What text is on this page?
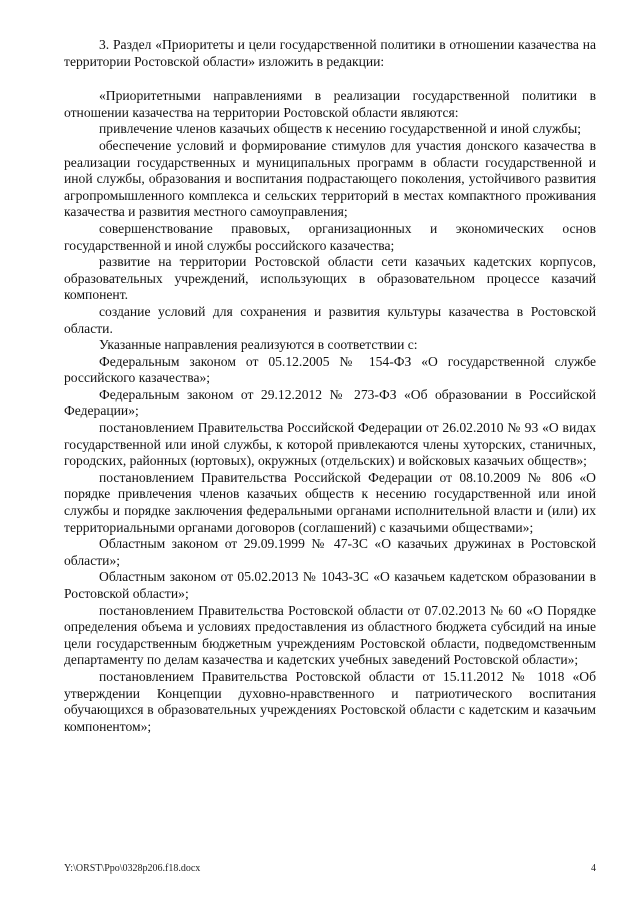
3. Раздел «Приоритеты и цели государственной политики в отношении казачества на территории Ростовской области» изложить в редакции:

«Приоритетными направлениями в реализации государственной политики в отношении казачества на территории Ростовской области являются:

привлечение членов казачьих обществ к несению государственной и иной службы;

обеспечение условий и формирование стимулов для участия донского казачества в реализации государственных и муниципальных программ в области государственной и иной службы, образования и воспитания подрастающего поколения, устойчивого развития агропромышленного комплекса и сельских территорий в местах компактного проживания казачества и развития местного самоуправления;

совершенствование правовых, организационных и экономических основ государственной и иной службы российского казачества;

развитие на территории Ростовской области сети казачьих кадетских корпусов, образовательных учреждений, использующих в образовательном процессе казачий компонент.

создание условий для сохранения и развития культуры казачества в Ростовской области.

Указанные направления реализуются в соответствии с:

Федеральным законом от 05.12.2005 № 154-ФЗ «О государственной службе российского казачества»;

Федеральным законом от 29.12.2012 № 273-ФЗ «Об образовании в Российской Федерации»;

постановлением Правительства Российской Федерации от 26.02.2010 № 93 «О видах государственной или иной службы, к которой привлекаются члены хуторских, станичных, городских, районных (юртовых), окружных (отдельских) и войсковых казачьих обществ»;

постановлением Правительства Российской Федерации от 08.10.2009 № 806 «О порядке привлечения членов казачьих обществ к несению государственной или иной службы и порядке заключения федеральными органами исполнительной власти и (или) их территориальными органами договоров (соглашений) с казачьими обществами»;

Областным законом от 29.09.1999 № 47-ЗС «О казачьих дружинах в Ростовской области»;

Областным законом от 05.02.2013 № 1043-ЗС «О казачьем кадетском образовании в Ростовской области»;

постановлением Правительства Ростовской области от 07.02.2013 № 60 «О Порядке определения объема и условиях предоставления из областного бюджета субсидий на иные цели государственным бюджетным учреждениям Ростовской области, подведомственным департаменту по делам казачества и кадетских учебных заведений Ростовской области»;

постановлением Правительства Ростовской области от 15.11.2012 № 1018 «Об утверждении Концепции духовно-нравственного и патриотического воспитания обучающихся в образовательных учреждениях Ростовской области с кадетским и казачьим компонентом»;

Y:\ORST\Ppo\0328p206.f18.docx	4
